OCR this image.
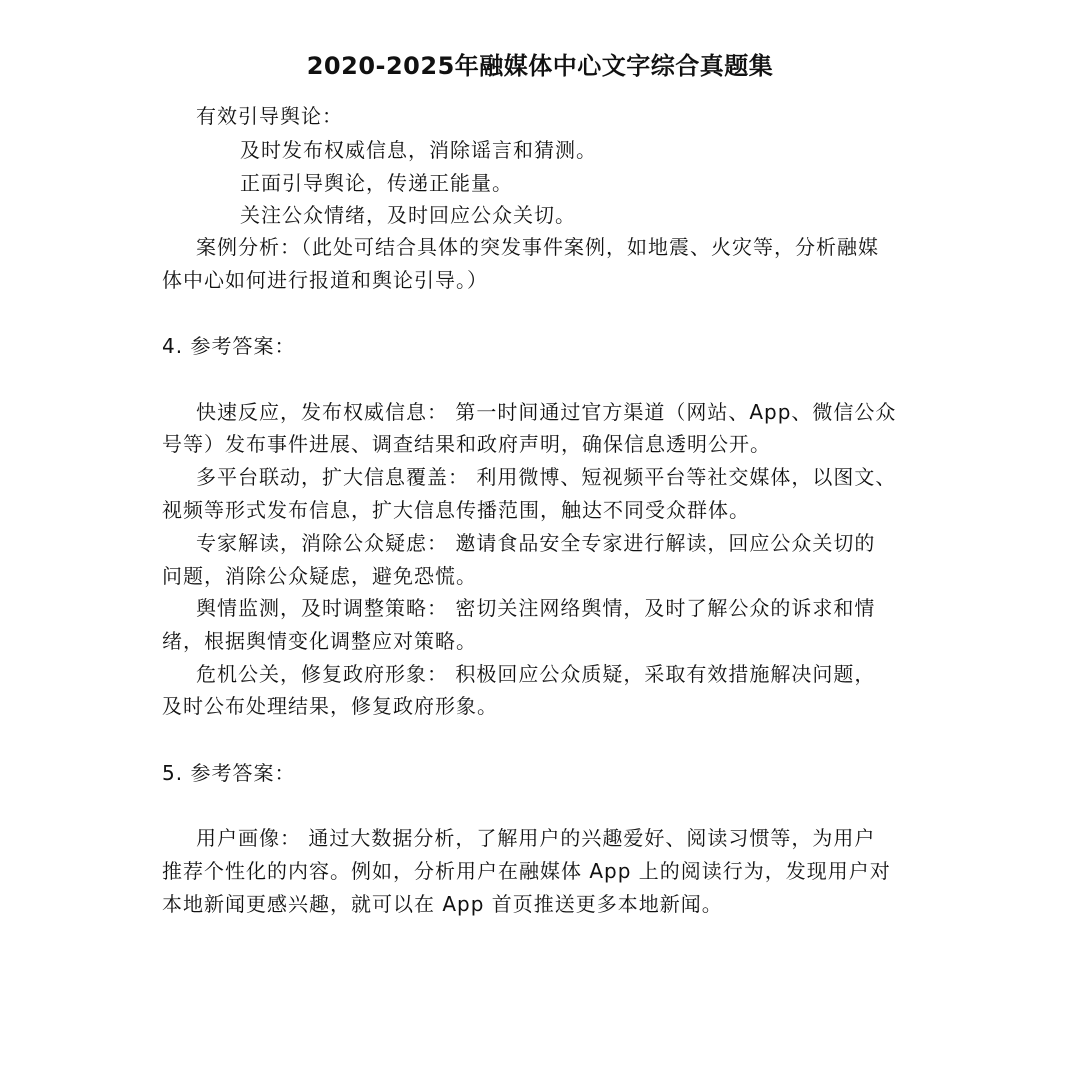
2020-2025年融媒体中心文字综合真题集
有效引导舆论：
及时发布权威信息，消除谣言和猜测。
正面引导舆论，传递正能量。
关注公众情绪，及时回应公众关切。
案例分析：（此处可结合具体的突发事件案例，如地震、火灾等，分析融媒
体中心如何进行报道和舆论引导。）
4. 参考答案：
快速反应，发布权威信息： 第一时间通过官方渠道（网站、App、微信公众
号等）发布事件进展、调查结果和政府声明，确保信息透明公开。
多平台联动，扩大信息覆盖： 利用微博、短视频平台等社交媒体，以图文、
视频等形式发布信息，扩大信息传播范围，触达不同受众群体。
专家解读，消除公众疑虑： 邀请食品安全专家进行解读，回应公众关切的
问题，消除公众疑虑，避免恐慌。
舆情监测，及时调整策略： 密切关注网络舆情，及时了解公众的诉求和情
绪，根据舆情变化调整应对策略。
危机公关，修复政府形象： 积极回应公众质疑，采取有效措施解决问题，
及时公布处理结果，修复政府形象。
5. 参考答案：
用户画像： 通过大数据分析，了解用户的兴趣爱好、阅读习惯等，为用户
推荐个性化的内容。例如，分析用户在融媒体 App 上的阅读行为，发现用户对
本地新闻更感兴趣，就可以在 App 首页推送更多本地新闻。
